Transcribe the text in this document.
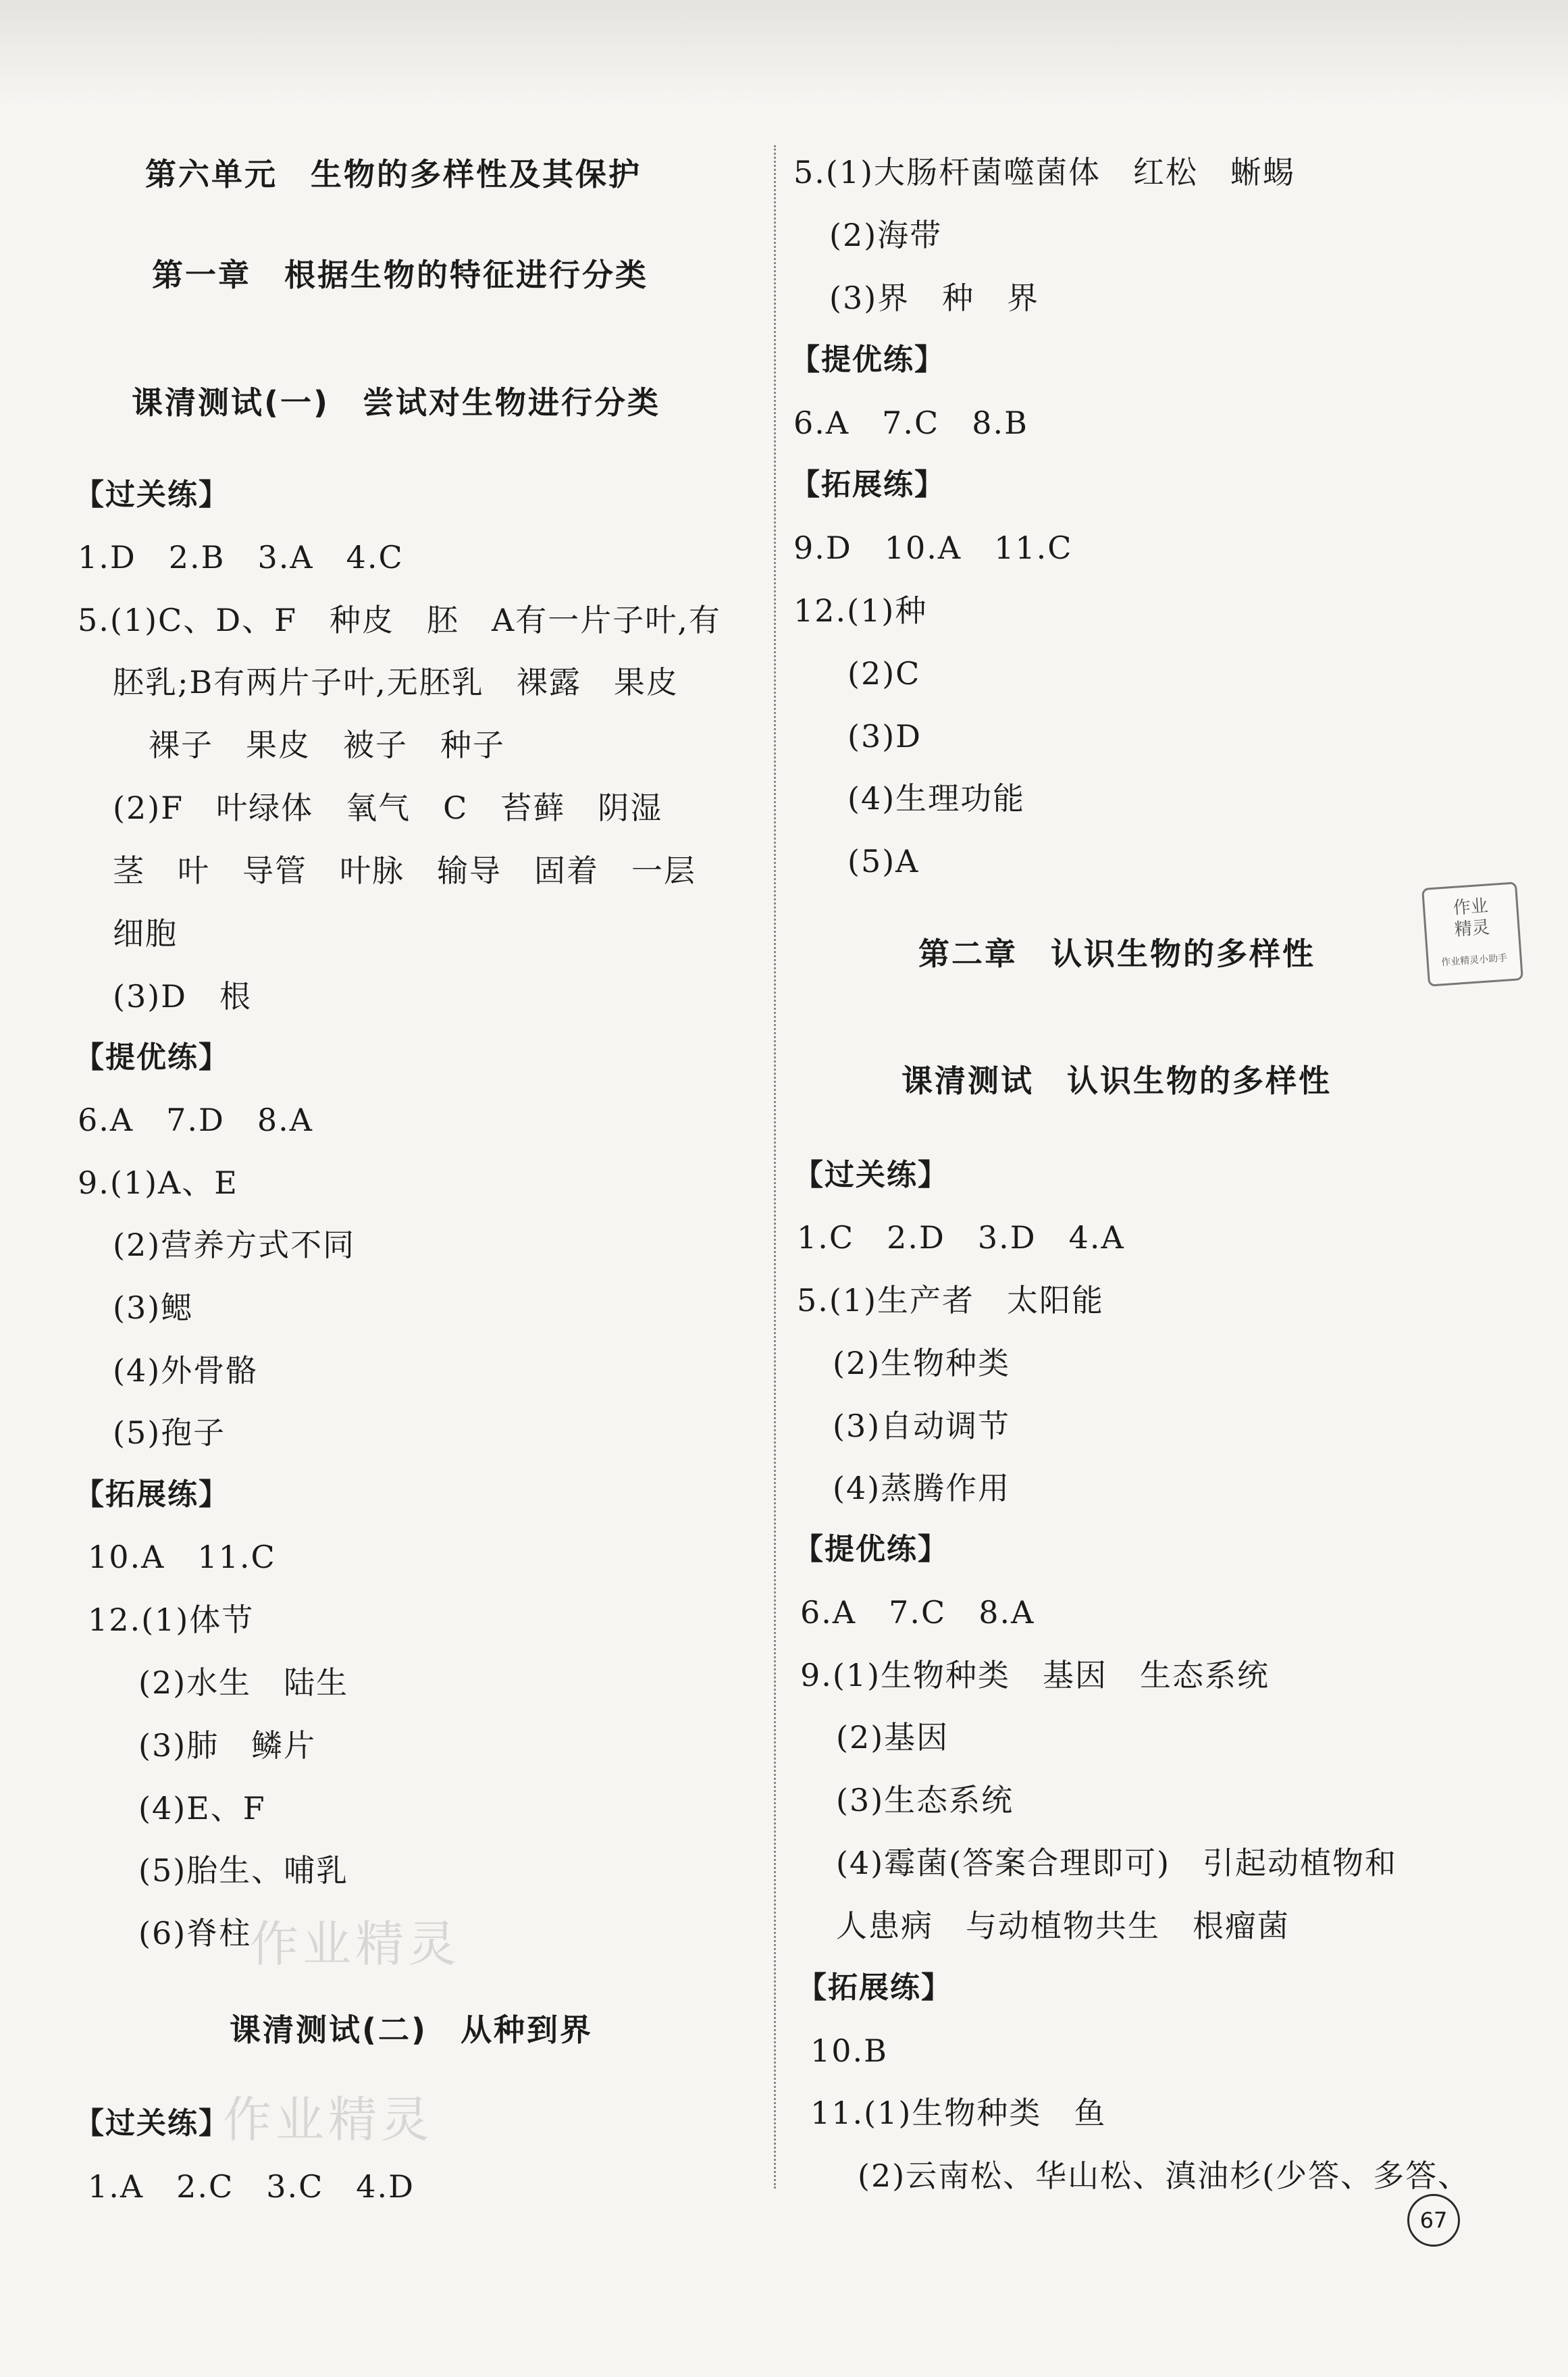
第六单元　生物的多样性及其保护
第一章　根据生物的特征进行分类
课清测试(一)　尝试对生物进行分类
【过关练】
1.D　2.B　3.A　4.C
5.(1)C、D、F　种皮　胚　A有一片子叶,有
胚乳;B有两片子叶,无胚乳　裸露　果皮
裸子　果皮　被子　种子
(2)F　叶绿体　氧气　C　苔藓　阴湿
茎　叶　导管　叶脉　输导　固着　一层
细胞
(3)D　根
【提优练】
6.A　7.D　8.A
9.(1)A、E
(2)营养方式不同
(3)鳃
(4)外骨骼
(5)孢子
【拓展练】
10.A　11.C
12.(1)体节
(2)水生　陆生
(3)肺　鳞片
(4)E、F
(5)胎生、哺乳
(6)脊柱
课清测试(二)　从种到界
【过关练】
1.A　2.C　3.C　4.D
5.(1)大肠杆菌噬菌体　红松　蜥蜴
(2)海带
(3)界　种　界
【提优练】
6.A　7.C　8.B
【拓展练】
9.D　10.A　11.C
12.(1)种
(2)C
(3)D
(4)生理功能
(5)A
第二章　认识生物的多样性
课清测试　认识生物的多样性
【过关练】
1.C　2.D　3.D　4.A
5.(1)生产者　太阳能
(2)生物种类
(3)自动调节
(4)蒸腾作用
【提优练】
6.A　7.C　8.A
9.(1)生物种类　基因　生态系统
(2)基因
(3)生态系统
(4)霉菌(答案合理即可)　引起动植物和
人患病　与动植物共生　根瘤菌
【拓展练】
10.B
11.(1)生物种类　鱼
(2)云南松、华山松、滇油杉(少答、多答、
作业
精灵
作业精灵小助手
作业精灵
作业精灵
67
